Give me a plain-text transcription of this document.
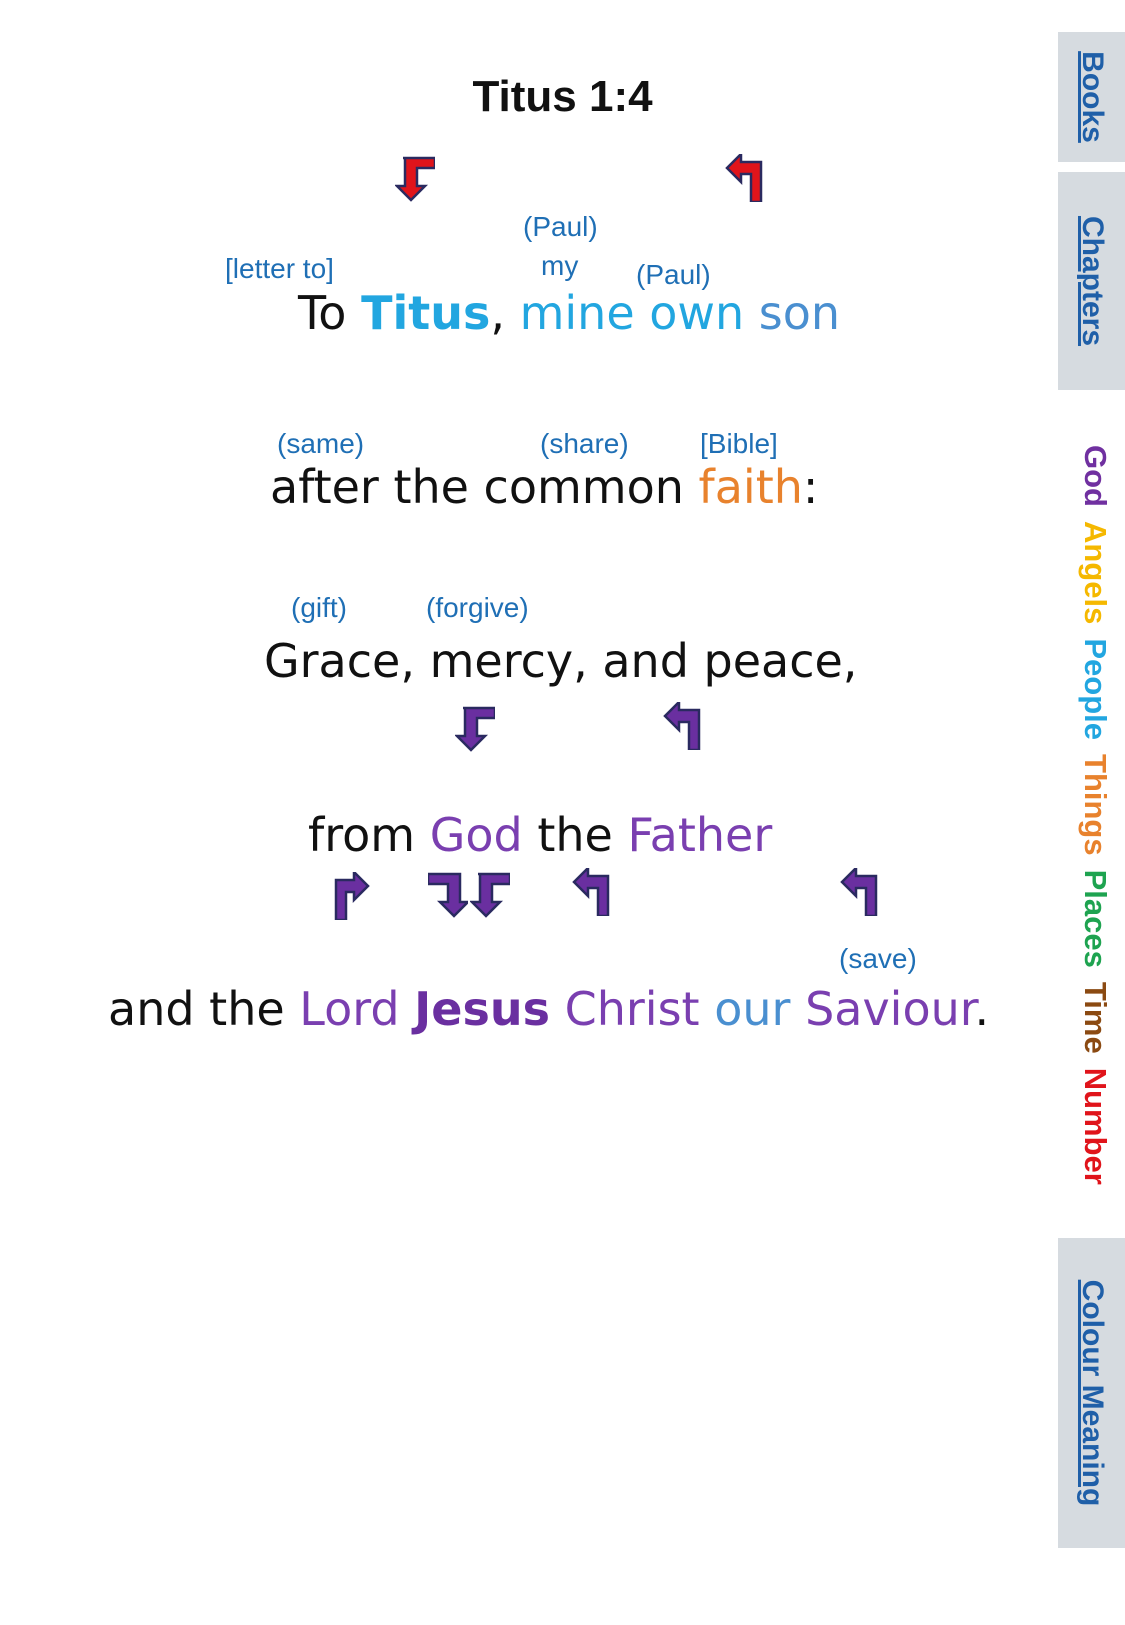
Titus 1:4
[letter to]
(Paul)
my (Paul)
To Titus, mine own son
(same)	(share)	[Bible]
after the common faith:
(gift)	(forgive)
Grace, mercy, and peace,
from God the Father
(save)
and the Lord Jesus Christ our Saviour.
Books
Chapters
Colour Meaning
GodAngelsPeopleThingsPlacesTimeNumber
